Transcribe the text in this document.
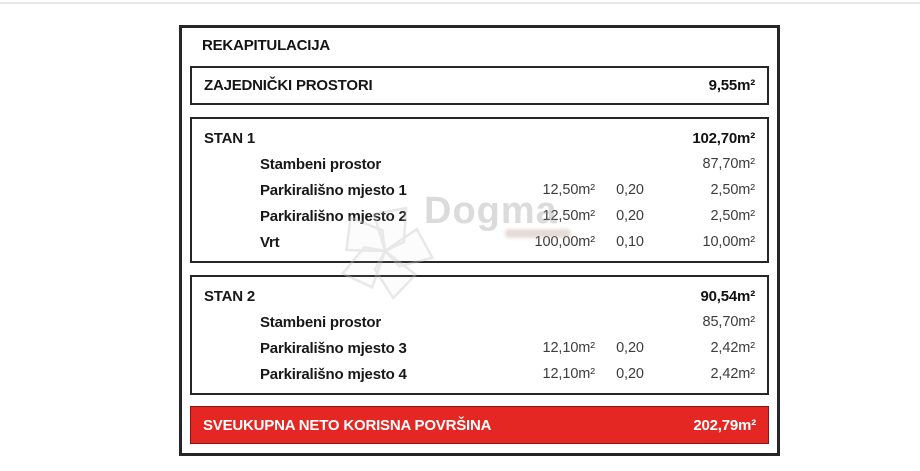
REKAPITULACIJA
ZAJEDNIČKI PROSTORI	9,55m²
STAN 1	102,70m²
Stambeni prostor	87,70m²
Parkirališno mjesto 1	12,50m²	0,20	2,50m²
Parkirališno mjesto 2	12,50m²	0,20	2,50m²
Vrt	100,00m²	0,10	10,00m²
STAN 2	90,54m²
Stambeni prostor	85,70m²
Parkirališno mjesto 3	12,10m²	0,20	2,42m²
Parkirališno mjesto 4	12,10m²	0,20	2,42m²
SVEUKUPNA NETO KORISNA POVRŠINA	202,79m²
Dogma
